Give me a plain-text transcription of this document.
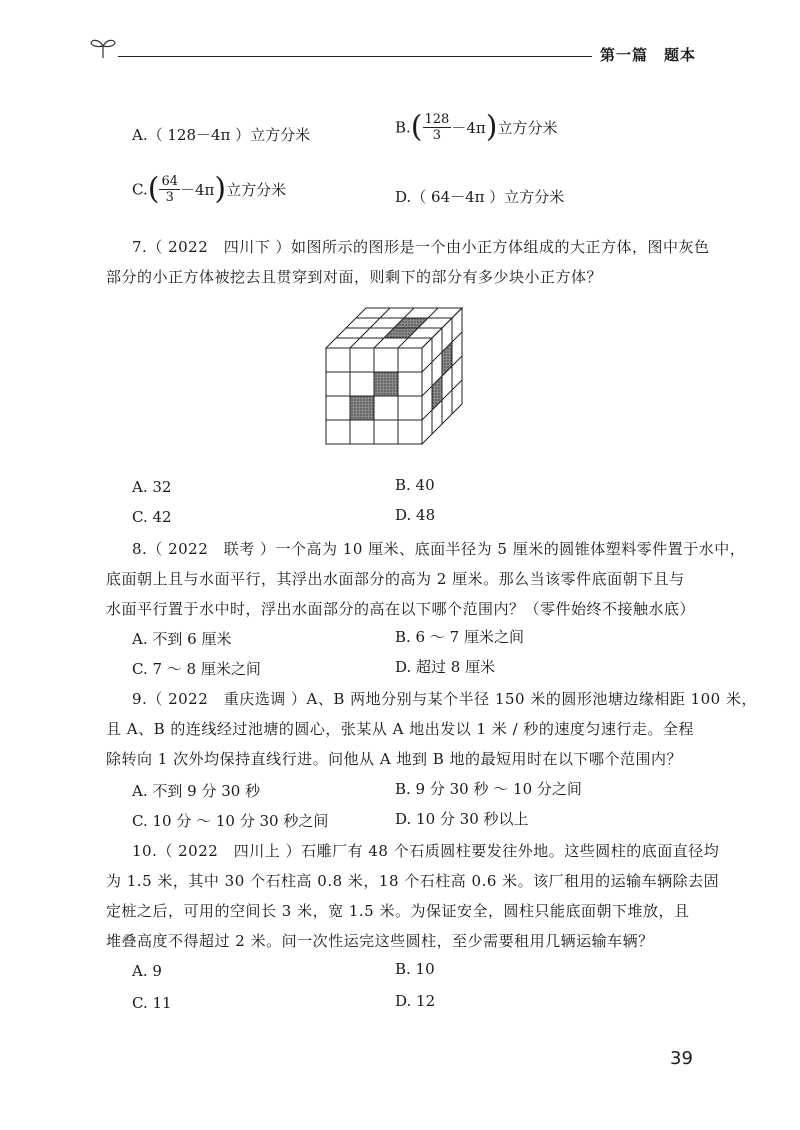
第一篇　题本
A.（ 128－4π ）立方分米	$B.( \frac{128}{3} -4\pi)$立方分米
$C.( \frac{64}{3} -4\pi)$立方分米	D.（ 64－4π ）立方分米
7.（ 2022　四川下 ）如图所示的图形是一个由小正方体组成的大正方体，图中灰色
部分的小正方体被挖去且贯穿到对面，则剩下的部分有多少块小正方体？
A. 32	B. 40
C. 42	D. 48
8.（ 2022　联考 ）一个高为 10 厘米、底面半径为 5 厘米的圆锥体塑料零件置于水中，
底面朝上且与水面平行，其浮出水面部分的高为 2 厘米。那么当该零件底面朝下且与
水面平行置于水中时，浮出水面部分的高在以下哪个范围内？（零件始终不接触水底）
A. 不到 6 厘米	B. 6 ～ 7 厘米之间
C. 7 ～ 8 厘米之间	D. 超过 8 厘米
9.（ 2022　重庆选调 ）A、B 两地分别与某个半径 150 米的圆形池塘边缘相距 100 米，
且 A、B 的连线经过池塘的圆心，张某从 A 地出发以 1 米 / 秒的速度匀速行走。全程
除转向 1 次外均保持直线行进。问他从 A 地到 B 地的最短用时在以下哪个范围内？
A. 不到 9 分 30 秒	B. 9 分 30 秒 ～ 10 分之间
C. 10 分 ～ 10 分 30 秒之间	D. 10 分 30 秒以上
10.（ 2022　四川上 ）石雕厂有 48 个石质圆柱要发往外地。这些圆柱的底面直径均
为 1.5 米，其中 30 个石柱高 0.8 米，18 个石柱高 0.6 米。该厂租用的运输车辆除去固
定桩之后，可用的空间长 3 米，宽 1.5 米。为保证安全，圆柱只能底面朝下堆放，且
堆叠高度不得超过 2 米。问一次性运完这些圆柱，至少需要租用几辆运输车辆？
A. 9	B. 10
C. 11	D. 12
39
